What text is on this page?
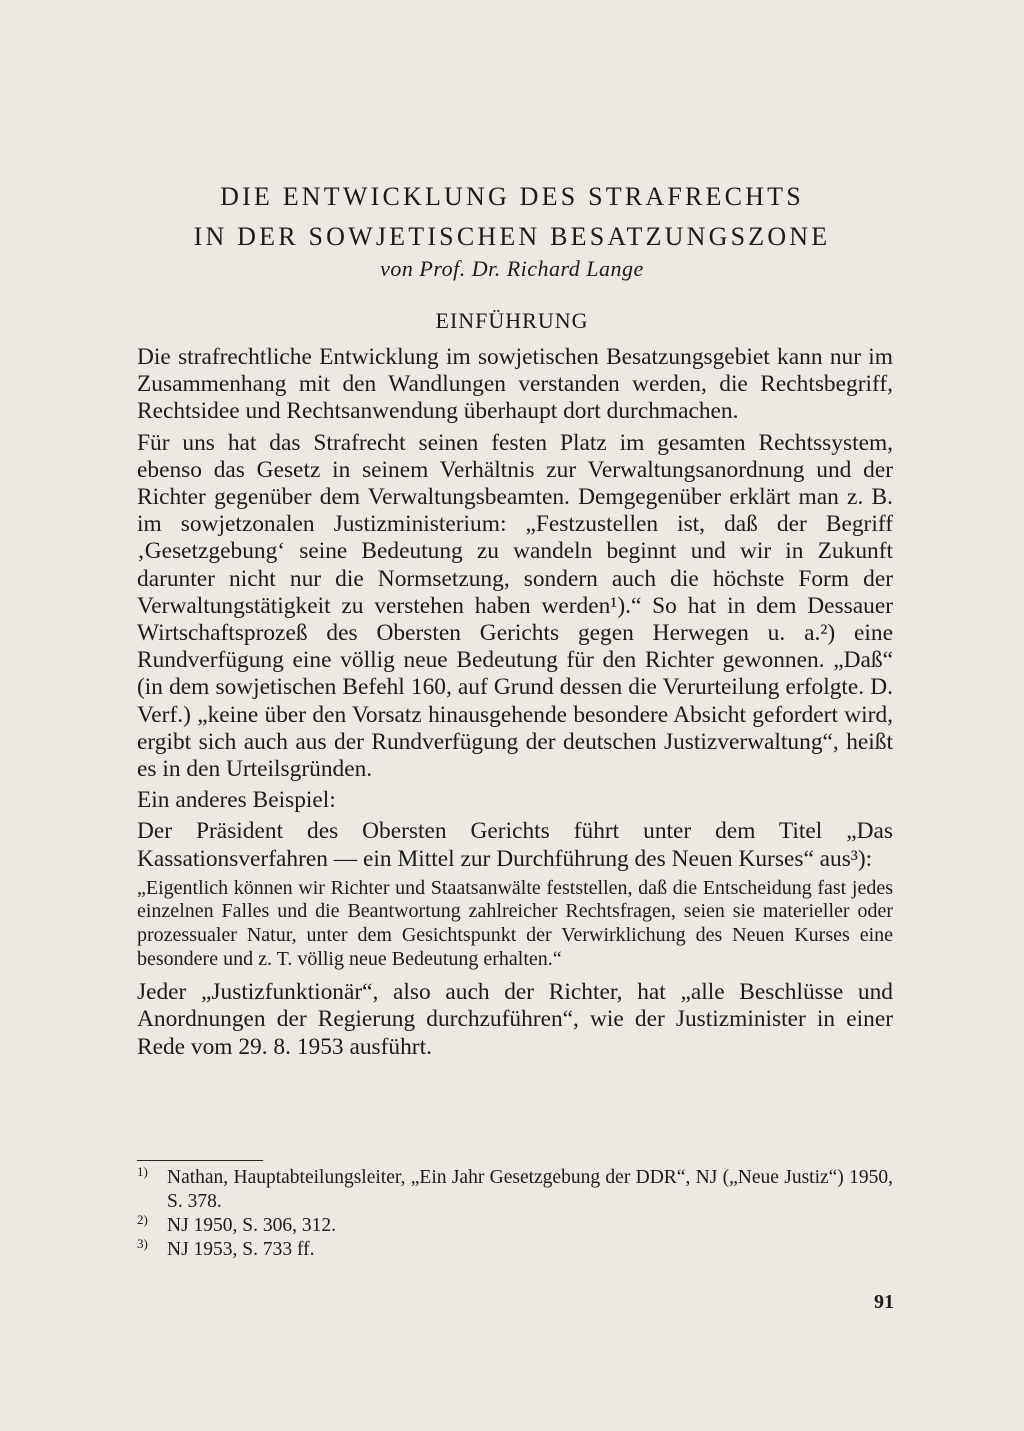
DIE ENTWICKLUNG DES STRAFRECHTS
IN DER SOWJETISCHEN BESATZUNGSZONE
von Prof. Dr. Richard Lange
EINFÜHRUNG

Die strafrechtliche Entwicklung im sowjetischen Besatzungsgebiet kann nur im Zusammenhang mit den Wandlungen verstanden werden, die Rechtsbegriff, Rechtsidee und Rechtsanwendung überhaupt dort durchmachen.

Für uns hat das Strafrecht seinen festen Platz im gesamten Rechtssystem, ebenso das Gesetz in seinem Verhältnis zur Verwaltungsanordnung und der Richter gegenüber dem Verwaltungsbeamten. Demgegenüber erklärt man z. B. im sowjetzonalen Justizministerium: „Festzustellen ist, daß der Begriff ‚Gesetzgebung‘ seine Bedeutung zu wandeln beginnt und wir in Zukunft darunter nicht nur die Normsetzung, sondern auch die höchste Form der Verwaltungstätigkeit zu verstehen haben werden¹).“ So hat in dem Dessauer Wirtschaftsprozeß des Obersten Gerichts gegen Herwegen u. a.²) eine Rundverfügung eine völlig neue Bedeutung für den Richter gewonnen. „Daß“ (in dem sowjetischen Befehl 160, auf Grund dessen die Verurteilung erfolgte. D. Verf.) „keine über den Vorsatz hinausgehende besondere Absicht gefordert wird, ergibt sich auch aus der Rundverfügung der deutschen Justizverwaltung“, heißt es in den Urteilsgründen.

Ein anderes Beispiel:

Der Präsident des Obersten Gerichts führt unter dem Titel „Das Kassationsverfahren — ein Mittel zur Durchführung des Neuen Kurses“ aus³):

„Eigentlich können wir Richter und Staatsanwälte feststellen, daß die Entscheidung fast jedes einzelnen Falles und die Beantwortung zahlreicher Rechtsfragen, seien sie materieller oder prozessualer Natur, unter dem Gesichtspunkt der Verwirklichung des Neuen Kurses eine besondere und z. T. völlig neue Bedeutung erhalten.“

Jeder „Justizfunktionär“, also auch der Richter, hat „alle Beschlüsse und Anordnungen der Regierung durchzuführen“, wie der Justizminister in einer Rede vom 29. 8. 1953 ausführt.

1) Nathan, Hauptabteilungsleiter, „Ein Jahr Gesetzgebung der DDR“, NJ („Neue Justiz“) 1950, S. 378.
2) NJ 1950, S. 306, 312.
3) NJ 1953, S. 733 ff.
91
